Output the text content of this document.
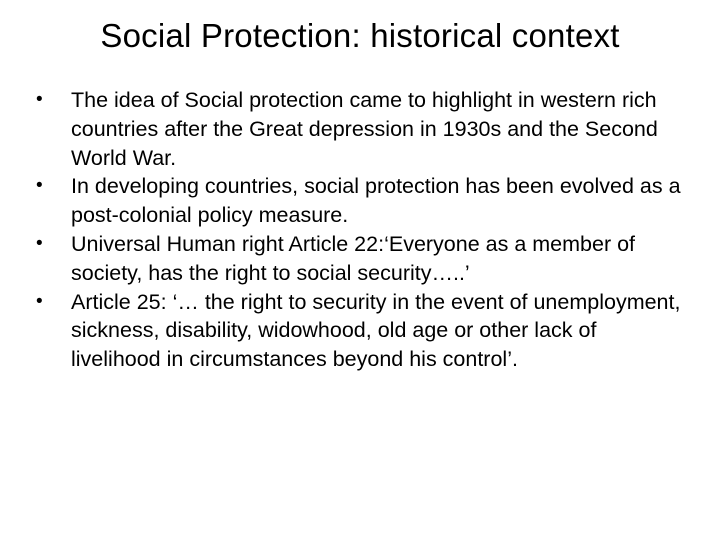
Social Protection: historical context
•	The idea of Social protection came to highlight in western rich countries after the Great depression in 1930s and the Second World War.
•	In developing countries, social protection has been evolved as a post-colonial policy measure.
•	Universal Human right Article 22:‘Everyone as a member of society, has the right to social security…..’
•	Article 25: ‘… the right to security in the event of unemployment, sickness, disability, widowhood, old age or other lack of livelihood in circumstances beyond his control’.
